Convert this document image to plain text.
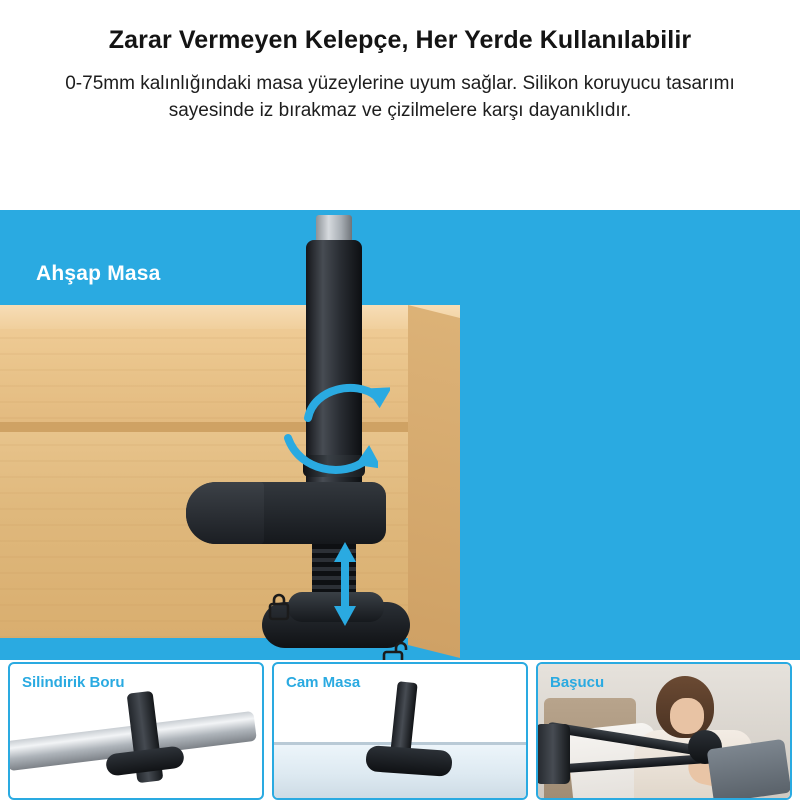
Zarar Vermeyen Kelepçe, Her Yerde Kullanılabilir

0-75mm kalınlığındaki masa yüzeylerine uyum sağlar. Silikon koruyucu tasarımı sayesinde iz bırakmaz ve çizilmelere karşı dayanıklıdır.

Ahşap Masa
Silindirik Boru	Cam Masa	Başucu
